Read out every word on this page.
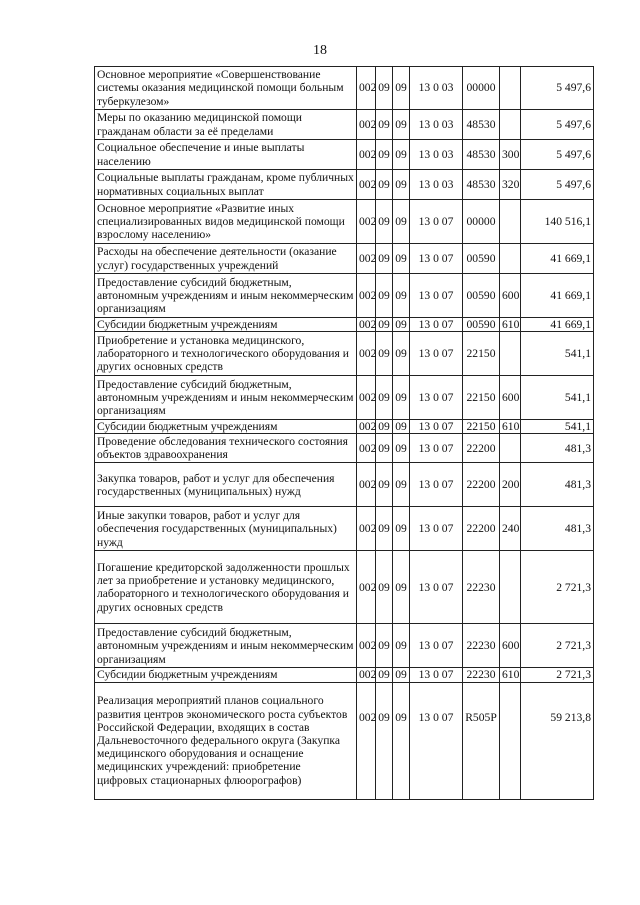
18
Основное мероприятие «Совершенствование системы оказания медицинской помощи больным туберкулезом»	002	09	09	13 0 03	00000		5 497,6
Меры по оказанию медицинской помощи гражданам области за её пределами	002	09	09	13 0 03	48530		5 497,6
Социальное обеспечение и иные выплаты населению	002	09	09	13 0 03	48530	300	5 497,6
Социальные выплаты гражданам, кроме публичных нормативных социальных выплат	002	09	09	13 0 03	48530	320	5 497,6
Основное мероприятие «Развитие иных специализированных видов медицинской помощи взрослому населению»	002	09	09	13 0 07	00000		140 516,1
Расходы на обеспечение деятельности (оказание услуг) государственных учреждений	002	09	09	13 0 07	00590		41 669,1
Предоставление субсидий бюджетным, автономным учреждениям и иным некоммерческим организациям	002	09	09	13 0 07	00590	600	41 669,1
Субсидии бюджетным учреждениям	002	09	09	13 0 07	00590	610	41 669,1
Приобретение и установка медицинского, лабораторного и технологического оборудования и других основных средств	002	09	09	13 0 07	22150		541,1
Предоставление субсидий бюджетным, автономным учреждениям и иным некоммерческим организациям	002	09	09	13 0 07	22150	600	541,1
Субсидии бюджетным учреждениям	002	09	09	13 0 07	22150	610	541,1
Проведение обследования технического состояния объектов здравоохранения	002	09	09	13 0 07	22200		481,3
Закупка товаров, работ и услуг для обеспечения государственных (муниципальных) нужд	002	09	09	13 0 07	22200	200	481,3
Иные закупки товаров, работ и услуг для обеспечения государственных (муниципальных) нужд	002	09	09	13 0 07	22200	240	481,3
Погашение кредиторской задолженности прошлых лет за приобретение и установку медицинского, лабораторного и технологического оборудования и других основных средств	002	09	09	13 0 07	22230		2 721,3
Предоставление субсидий бюджетным, автономным учреждениям и иным некоммерческим организациям	002	09	09	13 0 07	22230	600	2 721,3
Субсидии бюджетным учреждениям	002	09	09	13 0 07	22230	610	2 721,3
Реализация мероприятий планов социального развития центров экономического роста субъектов Российской Федерации, входящих в состав Дальневосточного федерального округа (Закупка медицинского оборудования и оснащение медицинских учреждений: приобретение цифровых стационарных флюорографов)	002	09	09	13 0 07	R505Р		59 213,8
